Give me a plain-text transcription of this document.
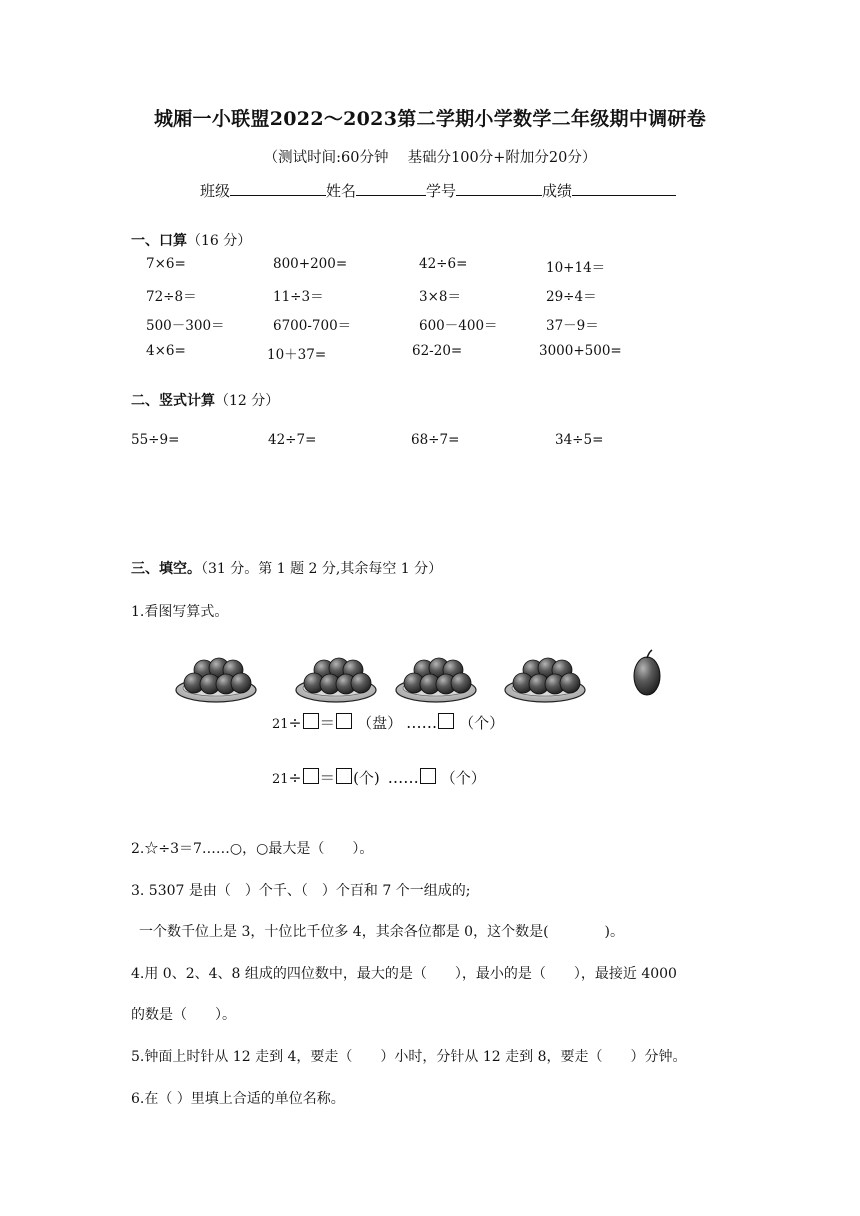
城厢一小联盟2022～2023第二学期小学数学二年级期中调研卷
（测试时间:60分钟　 基础分100分+附加分20分）
班级	姓名	学号	成绩
一、口算（16 分）
7×6=	800+200=	42÷6=	10+14＝
72÷8＝	11÷3＝	3×8＝	29÷4＝
500－300＝	6700-700＝	600－400＝	37－9＝
4×6=	10＋37=	62-20=	3000+500=
二、竖式计算（12 分）
55÷9=	42÷7=	68÷7=	34÷5=
三、填空。（31 分。第 1 题 2 分,其余每空 1 分）
1.看图写算式。
21÷ ＝ （盘） …… （个）
21÷ ＝ (个) …… （个）
2.☆÷3＝7……○，○最大是（　　）。
3. 5307 是由（　）个千、（　）个百和 7 个一组成的;
一个数千位上是 3，十位比千位多 4，其余各位都是 0，这个数是(　　　　)。
4.用 0、2、4、8 组成的四位数中，最大的是（　　），最小的是（　　），最接近 4000
的数是（　　）。
5.钟面上时针从 12 走到 4，要走（　　）小时，分针从 12 走到 8，要走（　　）分钟。
6.在（ ）里填上合适的单位名称。
